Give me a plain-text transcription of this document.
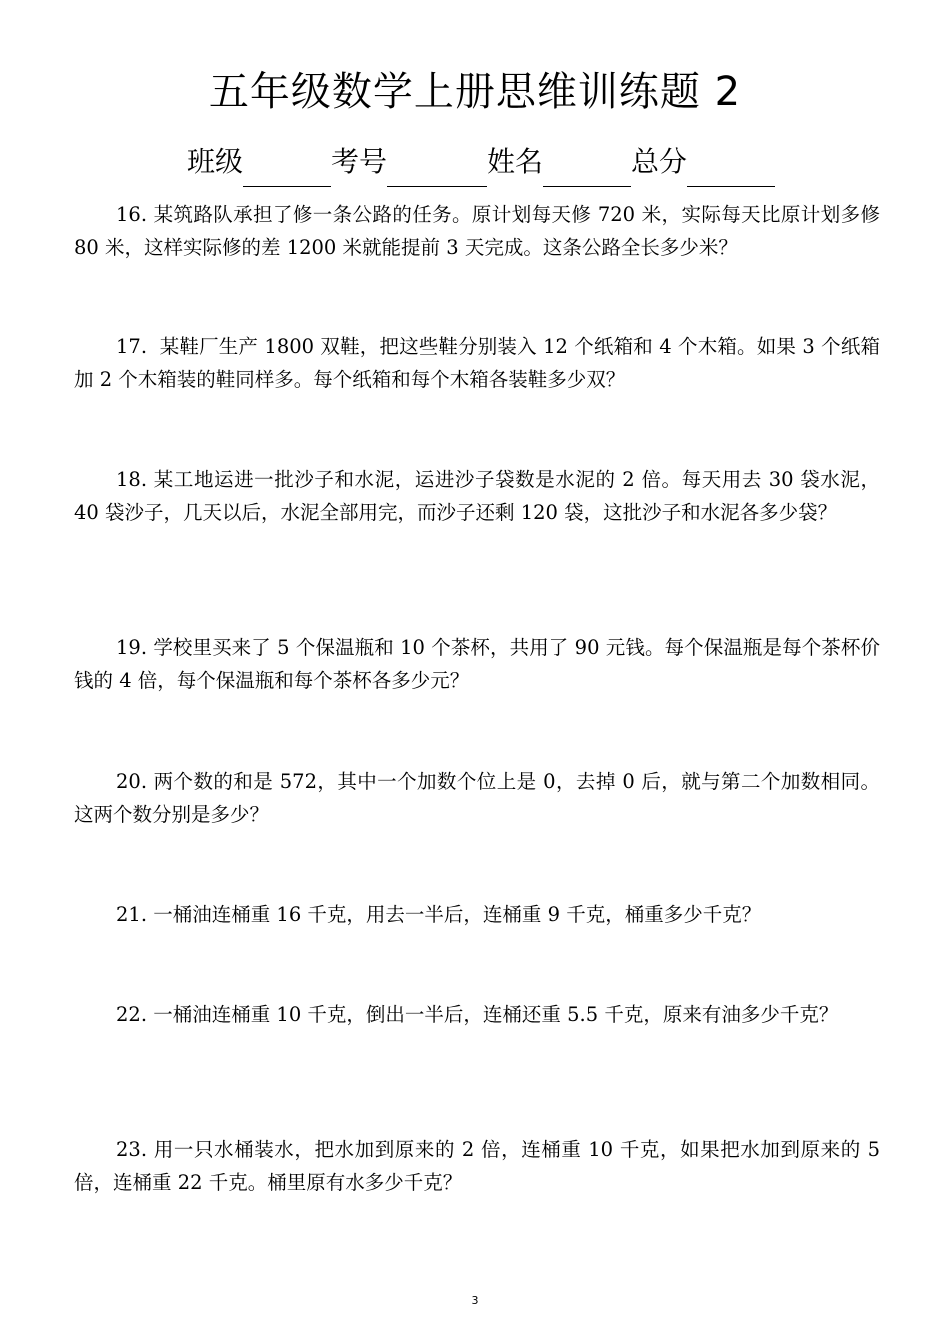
五年级数学上册思维训练题 2
班级	考号	姓名	总分

16. 某筑路队承担了修一条公路的任务。原计划每天修 720 米，实际每天比原计划多修 80 米，这样实际修的差 1200 米就能提前 3 天完成。这条公路全长多少米？

17.  某鞋厂生产 1800 双鞋，把这些鞋分别装入 12 个纸箱和 4 个木箱。如果 3 个纸箱加 2 个木箱装的鞋同样多。每个纸箱和每个木箱各装鞋多少双？

18. 某工地运进一批沙子和水泥，运进沙子袋数是水泥的 2 倍。每天用去 30 袋水泥，40 袋沙子，几天以后，水泥全部用完，而沙子还剩 120 袋，这批沙子和水泥各多少袋？

19. 学校里买来了 5 个保温瓶和 10 个茶杯，共用了 90 元钱。每个保温瓶是每个茶杯价钱的 4 倍，每个保温瓶和每个茶杯各多少元？

20. 两个数的和是 572，其中一个加数个位上是 0，去掉 0 后，就与第二个加数相同。这两个数分别是多少？

21. 一桶油连桶重 16 千克，用去一半后，连桶重 9 千克，桶重多少千克？

22. 一桶油连桶重 10 千克，倒出一半后，连桶还重 5.5 千克，原来有油多少千克？

23. 用一只水桶装水，把水加到原来的 2 倍，连桶重 10 千克，如果把水加到原来的 5 倍，连桶重 22 千克。桶里原有水多少千克？

3
